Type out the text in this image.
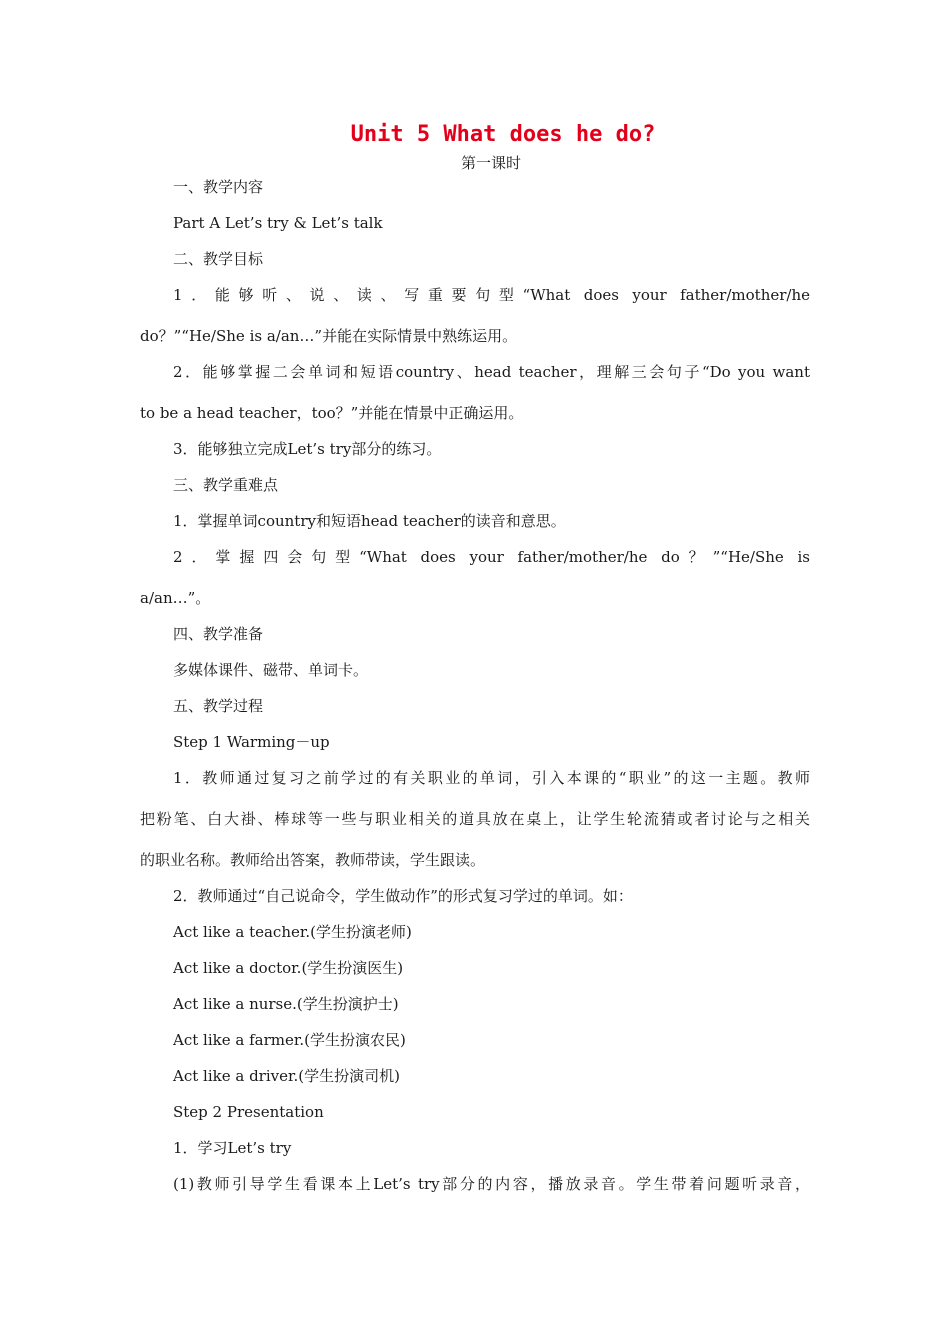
Unit 5 What does he do?
第一课时
一、教学内容
Part A Let’s try & Let’s talk
二、教学目标
1．能够听、说、读、写重要句型“What does your father/mother/he
do？”“He/She is a/an…”并能在实际情景中熟练运用。
2．能够掌握二会单词和短语country、head teacher，理解三会句子“Do you want
to be a head teacher，too？”并能在情景中正确运用。
3．能够独立完成Let’s try部分的练习。
三、教学重难点
1．掌握单词country和短语head teacher的读音和意思。
2．掌握四会句型“What does your father/mother/he do？”“He/She is
a/an…”。
四、教学准备
多媒体课件、磁带、单词卡。
五、教学过程
Step 1 Warming－up
1．教师通过复习之前学过的有关职业的单词，引入本课的“职业”的这一主题。教师
把粉笔、白大褂、棒球等一些与职业相关的道具放在桌上，让学生轮流猜或者讨论与之相关
的职业名称。教师给出答案，教师带读，学生跟读。
2．教师通过“自己说命令，学生做动作”的形式复习学过的单词。如：
Act like a teacher.(学生扮演老师)
Act like a doctor.(学生扮演医生)
Act like a nurse.(学生扮演护士)
Act like a farmer.(学生扮演农民)
Act like a driver.(学生扮演司机)
Step 2 Presentation
1．学习Let’s try
(1)教师引导学生看课本上Let’s try部分的内容，播放录音。学生带着问题听录音，
